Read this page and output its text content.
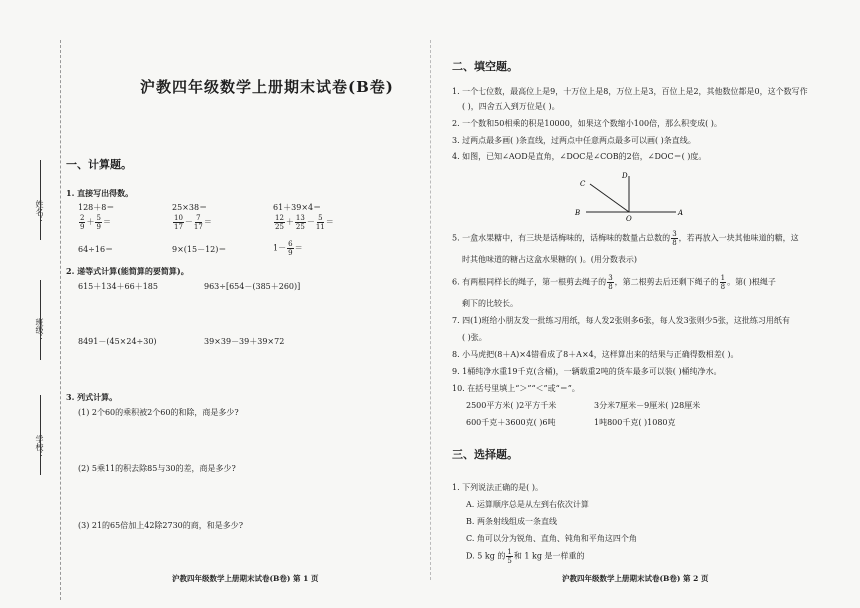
姓名：
班级：
学校：
沪教四年级数学上册期末试卷(B卷)
一、计算题。
1. 直接写出得数。
128＋8＝	25×38＝	61＋39×4＝
$\frac{2}{9} + \frac{5}{9}$ ＝	$\frac{10}{17} - \frac{7}{17}$ ＝	$\frac{12}{25} + \frac{13}{25} - \frac{5}{11}$ ＝
64÷16＝	9×(15－12)＝	$1- \frac{6}{9}$ ＝
2. 递等式计算(能简算的要简算)。
615＋134＋66＋185	963÷[654－(385＋260)]
8491－(45×24÷30)	39×39－39＋39×72
3. 列式计算。
(1) 2个60的乘积被2个60的和除，商是多少?
(2) 5乘11的积去除85与30的差，商是多少?
(3) 21的65倍加上42除2730的商，和是多少?
沪教四年级数学上册期末试卷(B卷) 第 1 页
二、填空题。
1. 一个七位数，最高位上是9，十万位上是8，万位上是3，百位上是2，其他数位都是0，这个数写作
( )，四舍五入到万位是( )。
2. 一个数和50相乘的积是10000，如果这个数缩小100倍，那么积变成( )。
3. 过两点最多画( )条直线，过两点中任意两点最多可以画( )条直线。
4. 如图，已知∠AOD是直角，∠DOC是∠COB的2倍，∠DOC＝( )度。
B	A
D
C
O
5. 一盒水果糖中，有三块是话梅味的，话梅味的数量占总数的 $\frac{3}{8}$ ，若再放入一块其他味道的糖，这
时其他味道的糖占这盒水果糖的( )。(用分数表示)
6. 有两根同样长的绳子，第一根剪去绳子的 $\frac{3}{8}$ ，第二根剪去后还剩下绳子的 $\frac{1}{8}$ 。第( )根绳子
剩下的比较长。
7. 四(1)班给小朋友发一批练习用纸，每人发2张则多6张，每人发3张则少5张，这批练习用纸有
( )张。
8. 小马虎把(8＋A)×4错看成了8＋A×4，这样算出来的结果与正确得数相差( )。
9. 1桶纯净水重19千克(含桶)，一辆载重2吨的货车最多可以装( )桶纯净水。
10. 在括号里填上“＞”“＜”或“＝”。
2500平方米( )2平方千米	3分米7厘米－9厘米( )28厘米
600千克＋3600克( )6吨	1吨800千克( )1080克
三、选择题。
1. 下列说法正确的是( )。
A. 运算顺序总是从左到右依次计算
B. 两条射线组成一条直线
C. 角可以分为锐角、直角、钝角和平角这四个角
D. 5 kg 的 $\frac{1}{5}$ 和 1 kg 是一样重的
沪教四年级数学上册期末试卷(B卷) 第 2 页
